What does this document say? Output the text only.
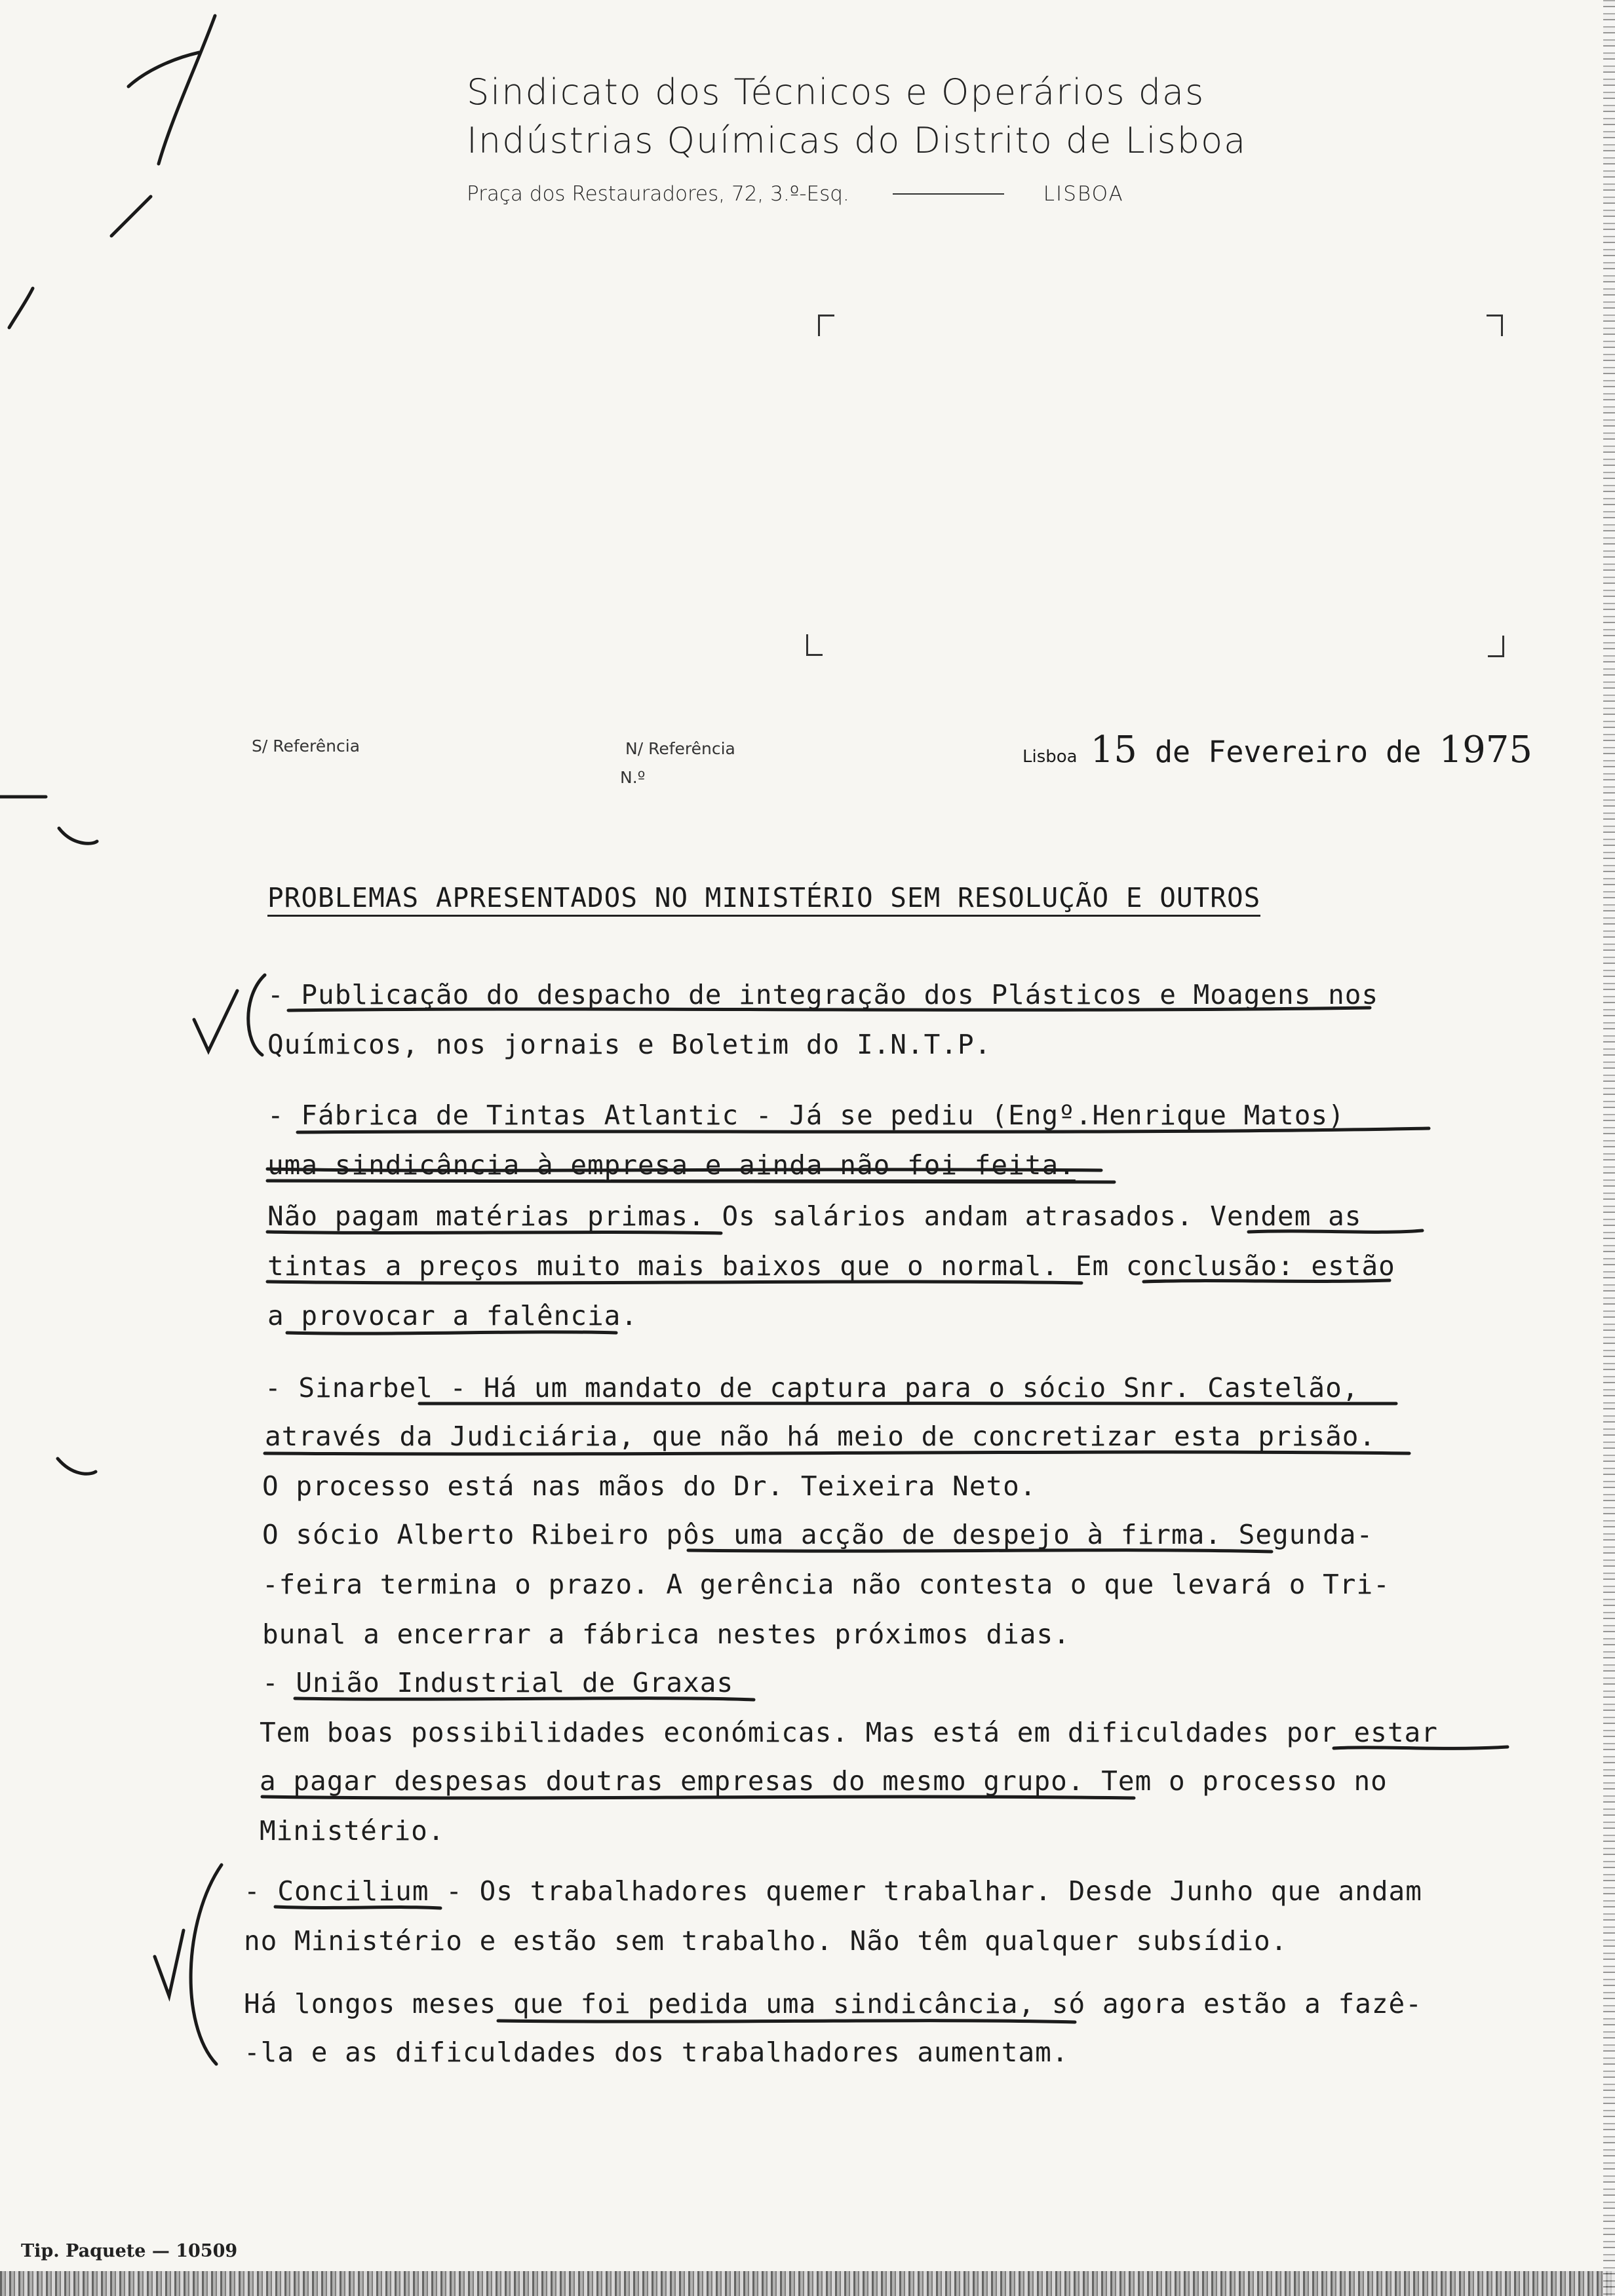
Sindicato dos Técnicos e Operários das
Indústrias Químicas do Distrito de Lisboa
Praça dos Restauradores, 72, 3.º-Esq.	LISBOA
S/ Referência	N/ Referência
N.º
Lisboa 15 de Fevereiro de 1975
PROBLEMAS APRESENTADOS NO MINISTÉRIO SEM RESOLUÇÃO E OUTROS
- Publicação do despacho de integração dos Plásticos e Moagens nos
Químicos, nos jornais e Boletim do I.N.T.P.
- Fábrica de Tintas Atlantic - Já se pediu (Engº.Henrique Matos)
uma sindicância à empresa e ainda não foi feita.
Não pagam matérias primas. Os salários andam atrasados. Vendem as
tintas a preços muito mais baixos que o normal. Em conclusão: estão
a provocar a falência.
- Sinarbel - Há um mandato de captura para o sócio Snr. Castelão,
através da Judiciária, que não há meio de concretizar esta prisão.
O processo está nas mãos do Dr. Teixeira Neto.
O sócio Alberto Ribeiro pôs uma acção de despejo à firma. Segunda-
-feira termina o prazo. A gerência não contesta o que levará o Tri-
bunal a encerrar a fábrica nestes próximos dias.
- União Industrial de Graxas
Tem boas possibilidades económicas. Mas está em dificuldades por estar
a pagar despesas doutras empresas do mesmo grupo. Tem o processo no
Ministério.
- Concilium - Os trabalhadores quemer trabalhar. Desde Junho que andam
no Ministério e estão sem trabalho. Não têm qualquer subsídio.
Há longos meses que foi pedida uma sindicância, só agora estão a fazê-
-la e as dificuldades dos trabalhadores aumentam.
Tip. Paquete — 10509
